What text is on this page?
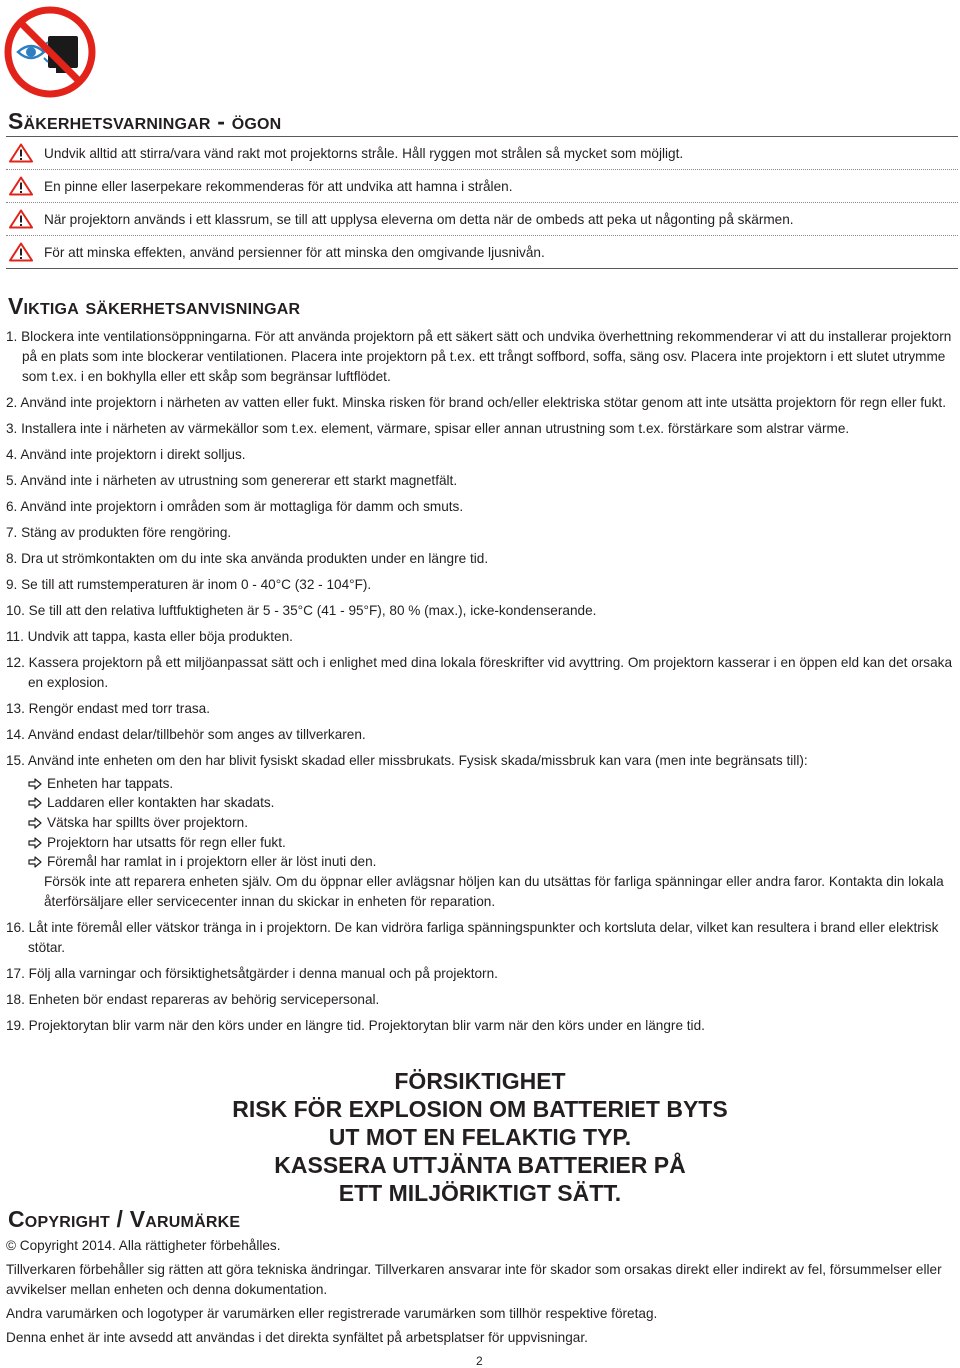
Säkerhetsvarningar - ögon
Undvik alltid att stirra/vara vänd rakt mot projektorns stråle. Håll ryggen mot strålen så mycket som möjligt.
En pinne eller laserpekare rekommenderas för att undvika att hamna i strålen.
När projektorn används i ett klassrum, se till att upplysa eleverna om detta när de ombeds att peka ut någonting på skärmen.
För att minska effekten, använd persienner för att minska den omgivande ljusnivån.
Viktiga säkerhetsanvisningar
1. Blockera inte ventilationsöppningarna. För att använda projektorn på ett säkert sätt och undvika överhettning rekommenderar vi att du installerar projektorn på en plats som inte blockerar ventilationen. Placera inte projektorn på t.ex. ett trångt soffbord, soffa, säng osv. Placera inte projektorn i ett slutet utrymme som t.ex. i en bokhylla eller ett skåp som begränsar luftflödet.
2. Använd inte projektorn i närheten av vatten eller fukt. Minska risken för brand och/eller elektriska stötar genom att inte utsätta projektorn för regn eller fukt.
3. Installera inte i närheten av värmekällor som t.ex. element, värmare, spisar eller annan utrustning som t.ex. förstärkare som alstrar värme.
4. Använd inte projektorn i direkt solljus.
5. Använd inte i närheten av utrustning som genererar ett starkt magnetfält.
6. Använd inte projektorn i områden som är mottagliga för damm och smuts.
7. Stäng av produkten före rengöring.
8. Dra ut strömkontakten om du inte ska använda produkten under en längre tid.
9. Se till att rumstemperaturen är inom 0 - 40°C (32 - 104°F).
10. Se till att den relativa luftfuktigheten är 5 - 35°C (41 - 95°F), 80 % (max.), icke-kondenserande.
11. Undvik att tappa, kasta eller böja produkten.
12. Kassera projektorn på ett miljöanpassat sätt och i enlighet med dina lokala föreskrifter vid avyttring. Om projektorn kasserar i en öppen eld kan det orsaka en explosion.
13. Rengör endast med torr trasa.
14. Använd endast delar/tillbehör som anges av tillverkaren.
15. Använd inte enheten om den har blivit fysiskt skadad eller missbrukats. Fysisk skada/missbruk kan vara (men inte begränsats till):
Enheten har tappats.
Laddaren eller kontakten har skadats.
Vätska har spillts över projektorn.
Projektorn har utsatts för regn eller fukt.
Föremål har ramlat in i projektorn eller är löst inuti den.
Försök inte att reparera enheten själv. Om du öppnar eller avlägsnar höljen kan du utsättas för farliga spänningar eller andra faror. Kontakta din lokala återförsäljare eller servicecenter innan du skickar in enheten för reparation.
16. Låt inte föremål eller vätskor tränga in i projektorn. De kan vidröra farliga spänningspunkter och kortsluta delar, vilket kan resultera i brand eller elektrisk stötar.
17. Följ alla varningar och försiktighetsåtgärder i denna manual och på projektorn.
18. Enheten bör endast repareras av behörig servicepersonal.
19. Projektorytan blir varm när den körs under en längre tid. Projektorytan blir varm när den körs under en längre tid.
FÖRSIKTIGHET
RISK FÖR EXPLOSION OM BATTERIET BYTS
UT MOT EN FELAKTIG TYP.
KASSERA UTTJÄNTA BATTERIER PÅ
ETT MILJÖRIKTIGT SÄTT.
Copyright / Varumärke

© Copyright 2014. Alla rättigheter förbehålles.

Tillverkaren förbehåller sig rätten att göra tekniska ändringar. Tillverkaren ansvarar inte för skador som orsakas direkt eller indirekt av fel, försummelser eller avvikelser mellan enheten och denna dokumentation.

Andra varumärken och logotyper är varumärken eller registrerade varumärken som tillhör respektive företag.

Denna enhet är inte avsedd att användas i det direkta synfältet på arbetsplatser för uppvisningar.

2
